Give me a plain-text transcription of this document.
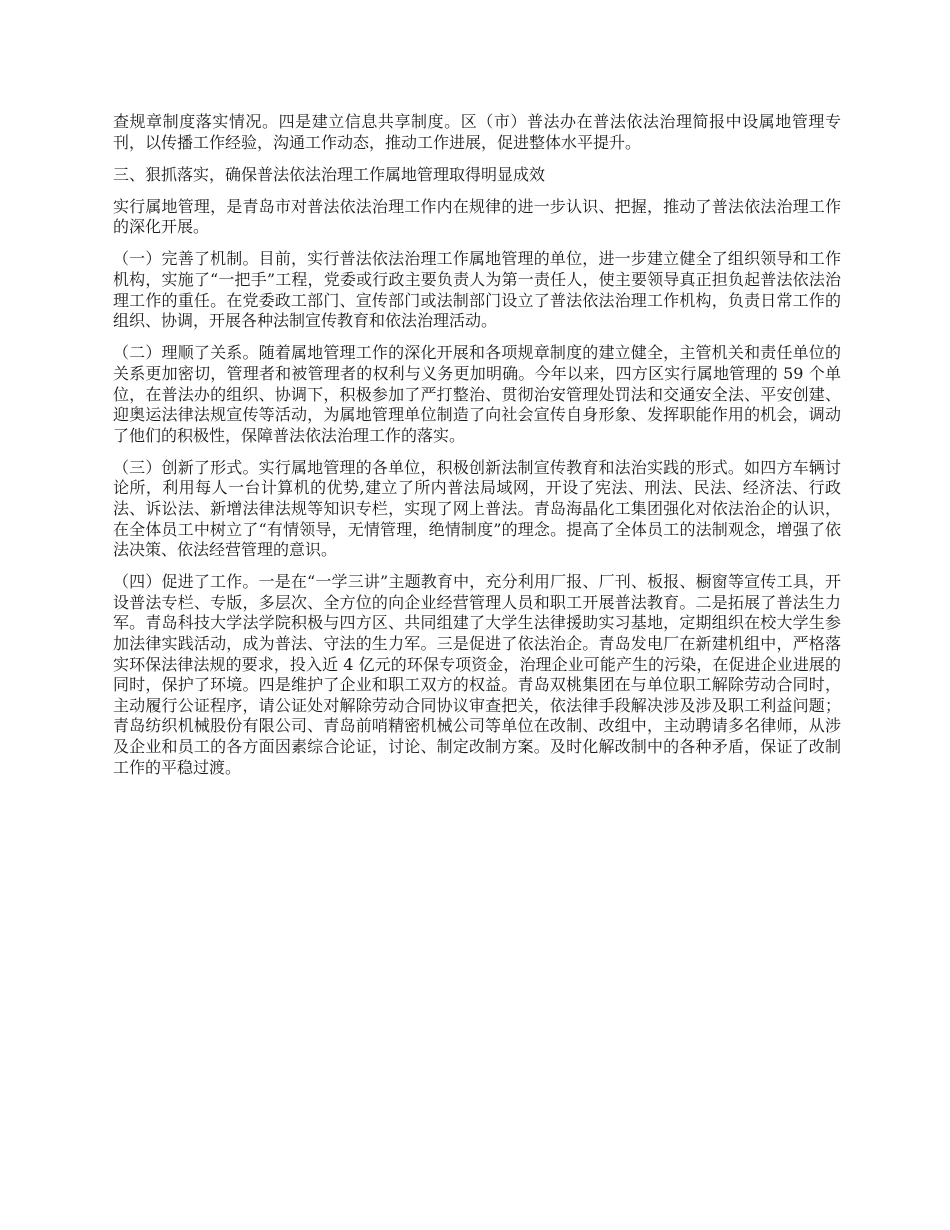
查规章制度落实情况。四是建立信息共享制度。区（市）普法办在普法依法治理简报中设属地管理专刊，以传播工作经验，沟通工作动态，推动工作进展，促进整体水平提升。

三、狠抓落实，确保普法依法治理工作属地管理取得明显成效

实行属地管理，是青岛市对普法依法治理工作内在规律的进一步认识、把握，推动了普法依法治理工作的深化开展。

（一）完善了机制。目前，实行普法依法治理工作属地管理的单位，进一步建立健全了组织领导和工作机构，实施了“一把手”工程，党委或行政主要负责人为第一责任人，使主要领导真正担负起普法依法治理工作的重任。在党委政工部门、宣传部门或法制部门设立了普法依法治理工作机构，负责日常工作的组织、协调，开展各种法制宣传教育和依法治理活动。

（二）理顺了关系。随着属地管理工作的深化开展和各项规章制度的建立健全，主管机关和责任单位的关系更加密切，管理者和被管理者的权利与义务更加明确。今年以来，四方区实行属地管理的 59 个单位，在普法办的组织、协调下，积极参加了严打整治、贯彻治安管理处罚法和交通安全法、平安创建、迎奥运法律法规宣传等活动，为属地管理单位制造了向社会宣传自身形象、发挥职能作用的机会，调动了他们的积极性，保障普法依法治理工作的落实。

（三）创新了形式。实行属地管理的各单位，积极创新法制宣传教育和法治实践的形式。如四方车辆讨论所，利用每人一台计算机的优势,建立了所内普法局域网，开设了宪法、刑法、民法、经济法、行政法、诉讼法、新增法律法规等知识专栏，实现了网上普法。青岛海晶化工集团强化对依法治企的认识，在全体员工中树立了“有情领导，无情管理，绝情制度”的理念。提高了全体员工的法制观念，增强了依法决策、依法经营管理的意识。

（四）促进了工作。一是在“一学三讲”主题教育中，充分利用厂报、厂刊、板报、橱窗等宣传工具，开设普法专栏、专版，多层次、全方位的向企业经营管理人员和职工开展普法教育。二是拓展了普法生力军。青岛科技大学法学院积极与四方区、共同组建了大学生法律援助实习基地，定期组织在校大学生参加法律实践活动，成为普法、守法的生力军。三是促进了依法治企。青岛发电厂在新建机组中，严格落实环保法律法规的要求，投入近 4 亿元的环保专项资金，治理企业可能产生的污染，在促进企业进展的同时，保护了环境。四是维护了企业和职工双方的权益。青岛双桃集团在与单位职工解除劳动合同时，主动履行公证程序，请公证处对解除劳动合同协议审查把关，依法律手段解决涉及涉及职工利益问题；青岛纺织机械股份有限公司、青岛前哨精密机械公司等单位在改制、改组中，主动聘请多名律师，从涉及企业和员工的各方面因素综合论证，讨论、制定改制方案。及时化解改制中的各种矛盾，保证了改制工作的平稳过渡。
